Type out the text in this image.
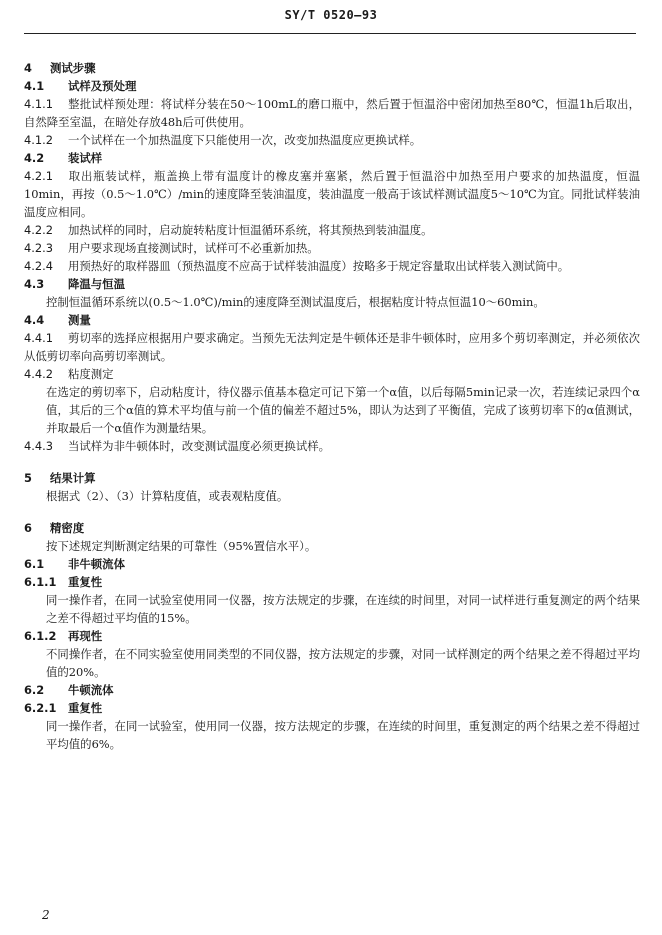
SY/T 0520—93
4 测试步骤
4.1 试样及预处理
4.1.1 整批试样预处理：将试样分装在50～100mL的磨口瓶中，然后置于恒温浴中密闭加热至80℃，恒温1h后取出，自然降至室温，在暗处存放48h后可供使用。
4.1.2 一个试样在一个加热温度下只能使用一次，改变加热温度应更换试样。
4.2 装试样
4.2.1 取出瓶装试样，瓶盖换上带有温度计的橡皮塞并塞紧，然后置于恒温浴中加热至用户要求的加热温度，恒温10min，再按（0.5～1.0℃）/min的速度降至装油温度，装油温度一般高于该试样测试温度5～10℃为宜。同批试样装油温度应相同。
4.2.2 加热试样的同时，启动旋转粘度计恒温循环系统，将其预热到装油温度。
4.2.3 用户要求现场直接测试时，试样可不必重新加热。
4.2.4 用预热好的取样器皿（预热温度不应高于试样装油温度）按略多于规定容量取出试样装入测试筒中。
4.3 降温与恒温
控制恒温循环系统以(0.5～1.0℃)/min的速度降至测试温度后，根据粘度计特点恒温10～60min。
4.4 测量
4.4.1 剪切率的选择应根据用户要求确定。当预先无法判定是牛顿体还是非牛顿体时，应用多个剪切率测定，并必须依次从低剪切率向高剪切率测试。
4.4.2 粘度测定
在选定的剪切率下，启动粘度计，待仪器示值基本稳定可记下第一个α值，以后每隔5min记录一次，若连续记录四个α值，其后的三个α值的算术平均值与前一个值的偏差不超过5%，即认为达到了平衡值，完成了该剪切率下的α值测试，并取最后一个α值作为测量结果。
4.4.3 当试样为非牛顿体时，改变测试温度必须更换试样。
5 结果计算
根据式（2）、（3）计算粘度值，或表观粘度值。
6 精密度
按下述规定判断测定结果的可靠性（95%置信水平）。
6.1 非牛顿流体
6.1.1 重复性
同一操作者，在同一试验室使用同一仪器，按方法规定的步骤，在连续的时间里，对同一试样进行重复测定的两个结果之差不得超过平均值的15%。
6.1.2 再现性
不同操作者，在不同实验室使用同类型的不同仪器，按方法规定的步骤，对同一试样测定的两个结果之差不得超过平均值的20%。
6.2 牛顿流体
6.2.1 重复性
同一操作者，在同一试验室，使用同一仪器，按方法规定的步骤，在连续的时间里，重复测定的两个结果之差不得超过平均值的6%。
2
